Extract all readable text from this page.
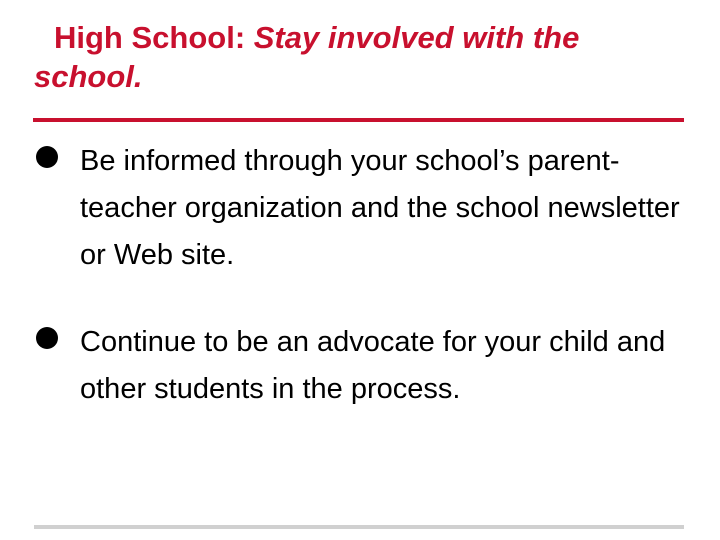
High School: Stay involved with the school.
Be informed through your school’s parent-teacher organization and the school newsletter or Web site.
Continue to be an advocate for your child and other students in the process.
